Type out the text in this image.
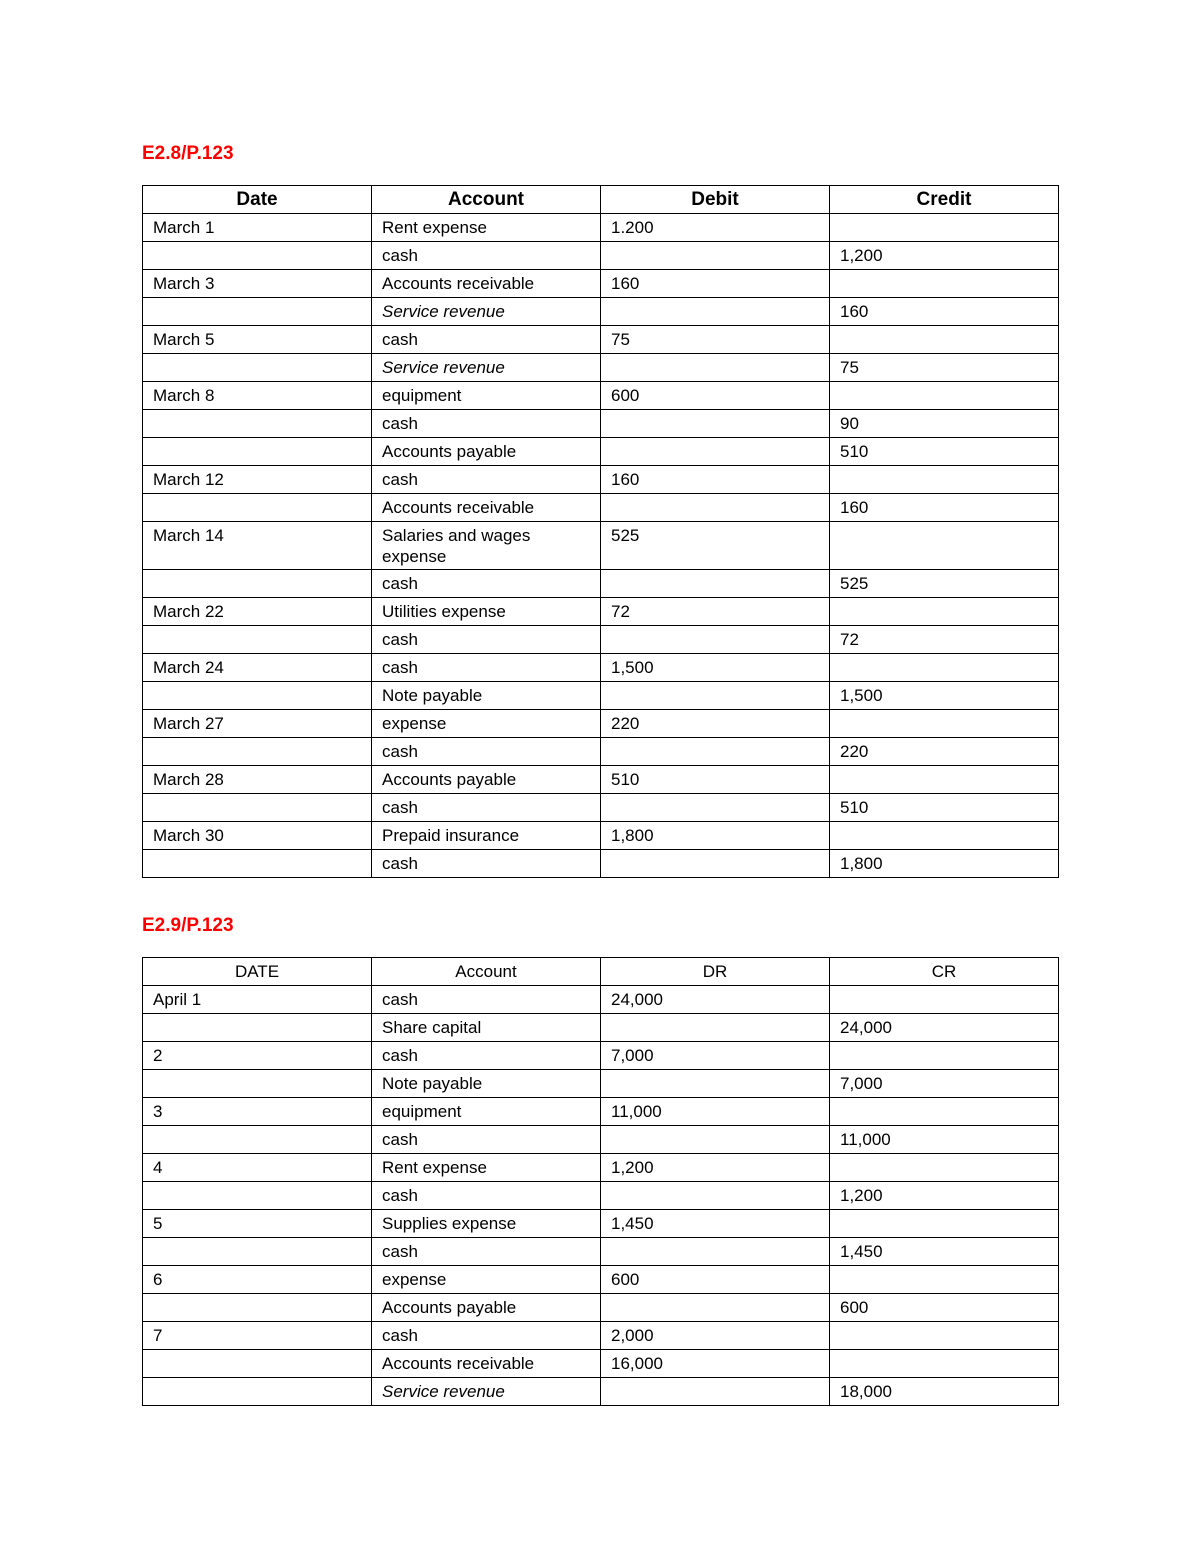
E2.8/P.123
Date	Account	Debit	Credit
March 1	Rent expense	1.200	
	cash		1,200
March 3	Accounts receivable	160	
	Service revenue		160
March 5	cash	75	
	Service revenue		75
March 8	equipment	600	
	cash		90
	Accounts payable		510
March 12	cash	160	
	Accounts receivable		160
March 14	Salaries and wages expense	525	
	cash		525
March 22	Utilities expense	72	
	cash		72
March 24	cash	1,500	
	Note payable		1,500
March 27	expense	220	
	cash		220
March 28	Accounts payable	510	
	cash		510
March 30	Prepaid insurance	1,800	
	cash		1,800
E2.9/P.123
DATE	Account	DR	CR
April 1	cash	24,000	
	Share capital		24,000
2	cash	7,000	
	Note payable		7,000
3	equipment	11,000	
	cash		11,000
4	Rent expense	1,200	
	cash		1,200
5	Supplies expense	1,450	
	cash		1,450
6	expense	600	
	Accounts payable		600
7	cash	2,000	
	Accounts receivable	16,000	
	Service revenue		18,000
